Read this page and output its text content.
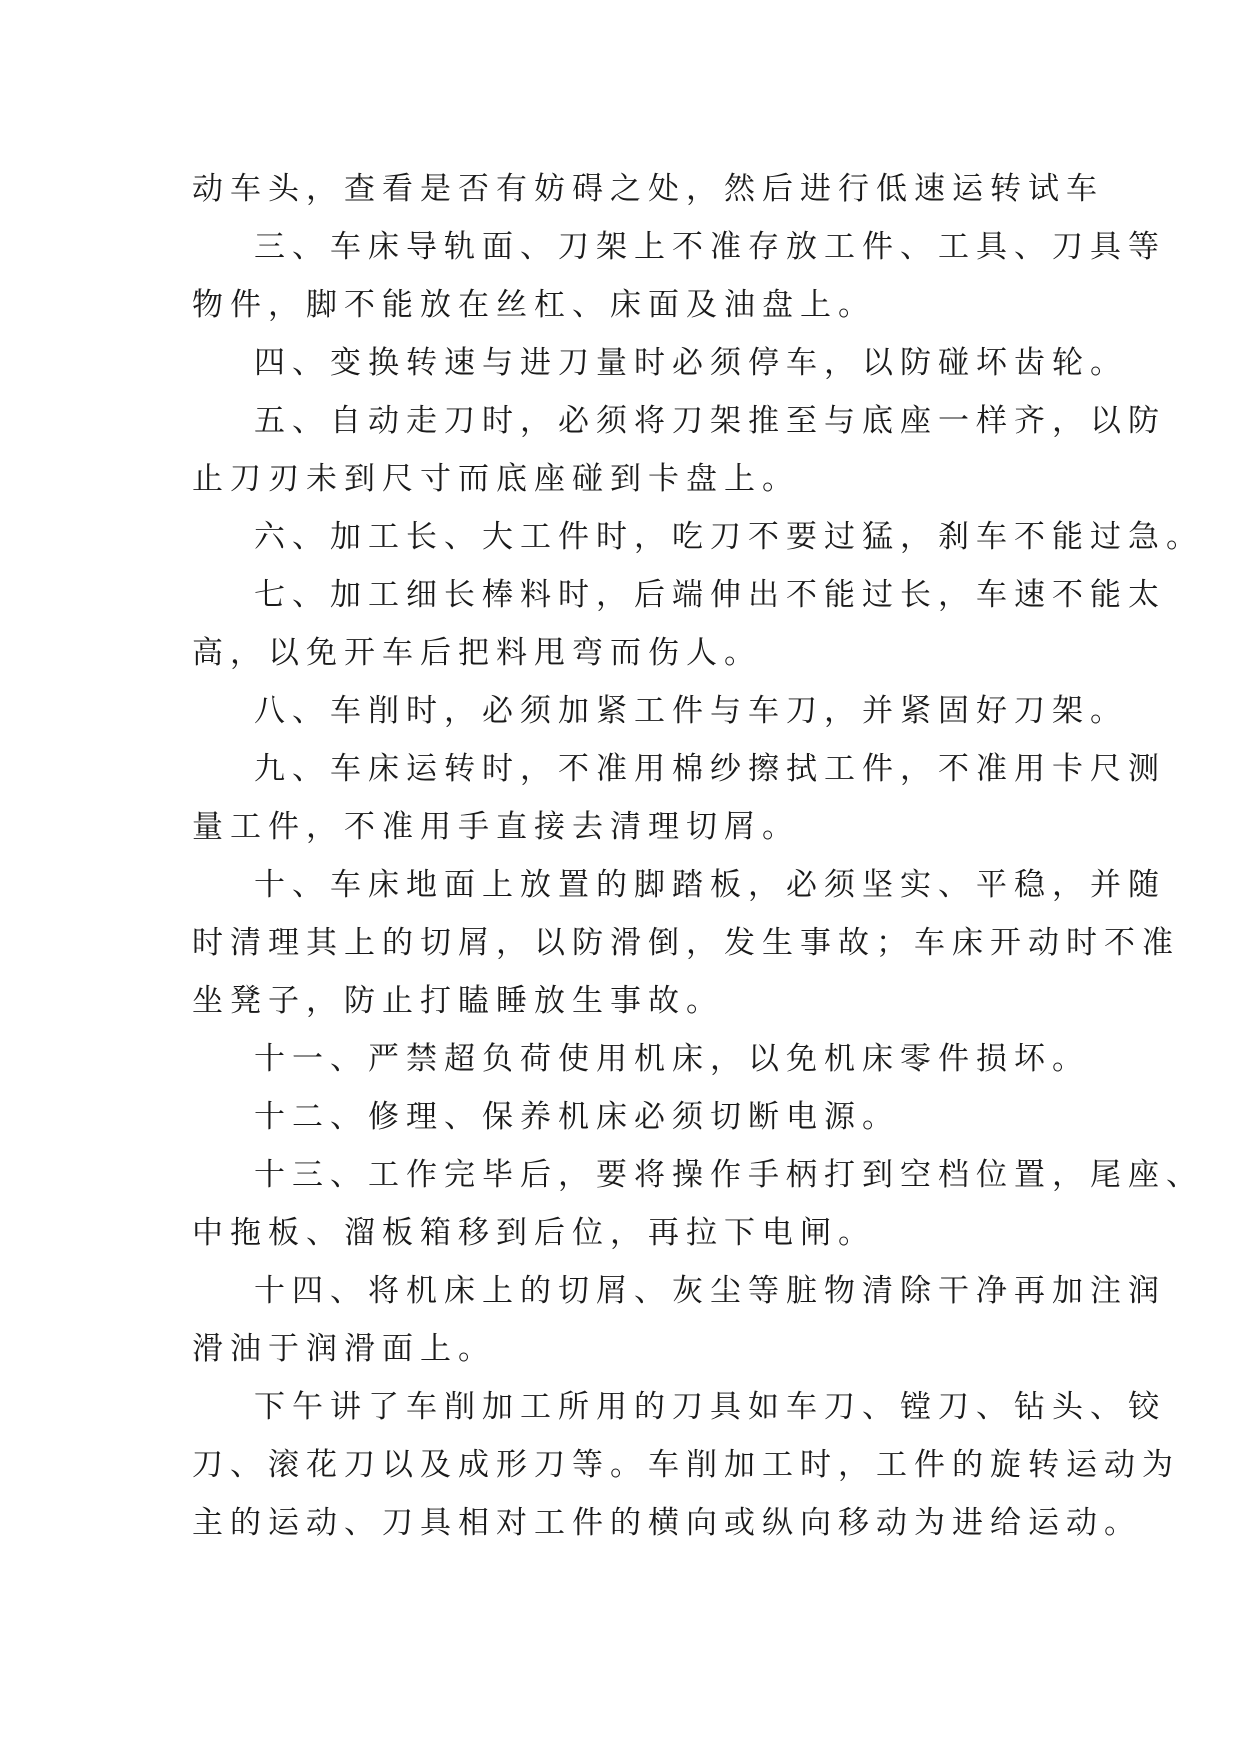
动车头，查看是否有妨碍之处，然后进行低速运转试车
三、车床导轨面、刀架上不准存放工件、工具、刀具等
物件，脚不能放在丝杠、床面及油盘上。
四、变换转速与进刀量时必须停车，以防碰坏齿轮。
五、自动走刀时，必须将刀架推至与底座一样齐，以防
止刀刃未到尺寸而底座碰到卡盘上。
六、加工长、大工件时，吃刀不要过猛，刹车不能过急。
七、加工细长棒料时，后端伸出不能过长，车速不能太
高，以免开车后把料甩弯而伤人。
八、车削时，必须加紧工件与车刀，并紧固好刀架。
九、车床运转时，不准用棉纱擦拭工件，不准用卡尺测
量工件，不准用手直接去清理切屑。
十、车床地面上放置的脚踏板，必须坚实、平稳，并随
时清理其上的切屑，以防滑倒，发生事故；车床开动时不准
坐凳子，防止打瞌睡放生事故。
十一、严禁超负荷使用机床，以免机床零件损坏。
十二、修理、保养机床必须切断电源。
十三、工作完毕后，要将操作手柄打到空档位置，尾座、
中拖板、溜板箱移到后位，再拉下电闸。
十四、将机床上的切屑、灰尘等脏物清除干净再加注润
滑油于润滑面上。
下午讲了车削加工所用的刀具如车刀、镗刀、钻头、铰
刀、滚花刀以及成形刀等。车削加工时，工件的旋转运动为
主的运动、刀具相对工件的横向或纵向移动为进给运动。
